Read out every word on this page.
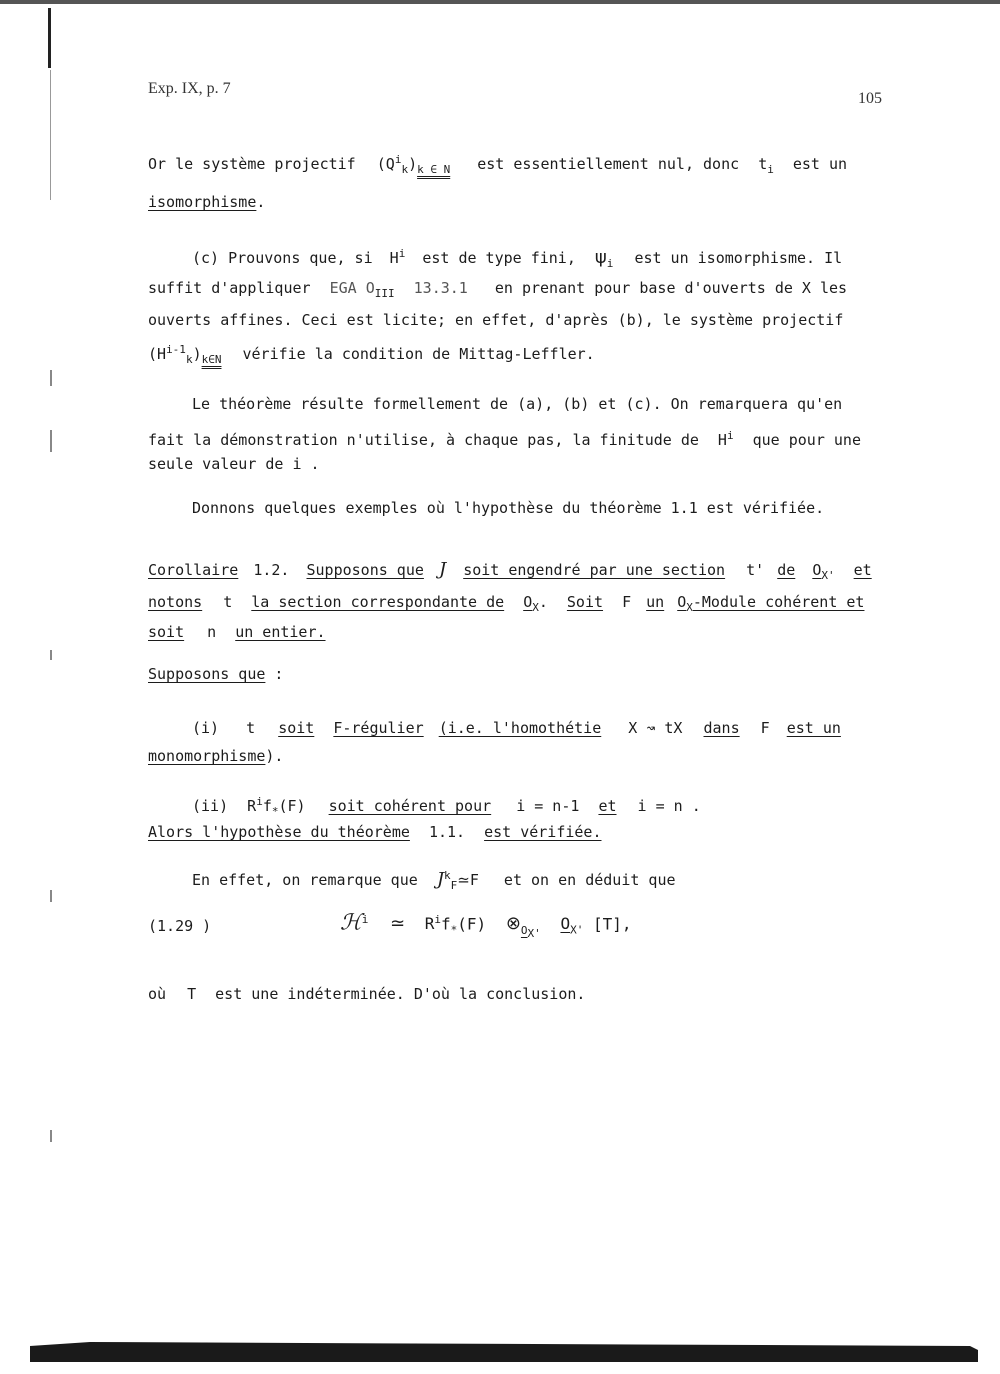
Exp. IX, p. 7
105
Or le système projectif $(Q^i_k)_{k \in N}$ est essentiellement nul, donc $t_i$ est un
isomorphisme.
(c) Prouvons que, si $H^i$ est de type fini, $\psi_i$ est un isomorphisme. Il
suffit d'appliquer EGA $O_{III}$ 13.3.1 en prenant pour base d'ouverts de X les
ouverts affines. Ceci est licite; en effet, d'après (b), le système projectif
$(H^{i-1}_k)_{k\in N}$ vérifie la condition de Mittag-Leffler.
Le théorème résulte formellement de (a), (b) et (c). On remarquera qu'en
fait la démonstration n'utilise, à chaque pas, la finitude de $H^i$ que pour une
seule valeur de i .
Donnons quelques exemples où l'hypothèse du théorème 1.1 est vérifiée.
Corollaire 1.2. Supposons que J soit engendré par une section t' de $O_{X'}$ et
notons t la section correspondante de $O_X$. Soit F un $O_X$-Module cohérent et
soit n un entier.
Supposons que :
(i) t soit F-régulier (i.e. l'homothétie X ↝ tX dans F est un
monomorphisme).
(ii) $R^if_*(F)$ soit cohérent pour i = n-1 et i = n .
Alors l'hypothèse du théorème 1.1. est vérifiée.
En effet, on remarque que $J^k_F≃F$ et on en déduit que
(1.29 )	ℋ$^i$ ≃ $R^if_*(F)$ $\otimes_{O_{X'}}$ $O_{X'}$ [T],
où T est une indéterminée. D'où la conclusion.
